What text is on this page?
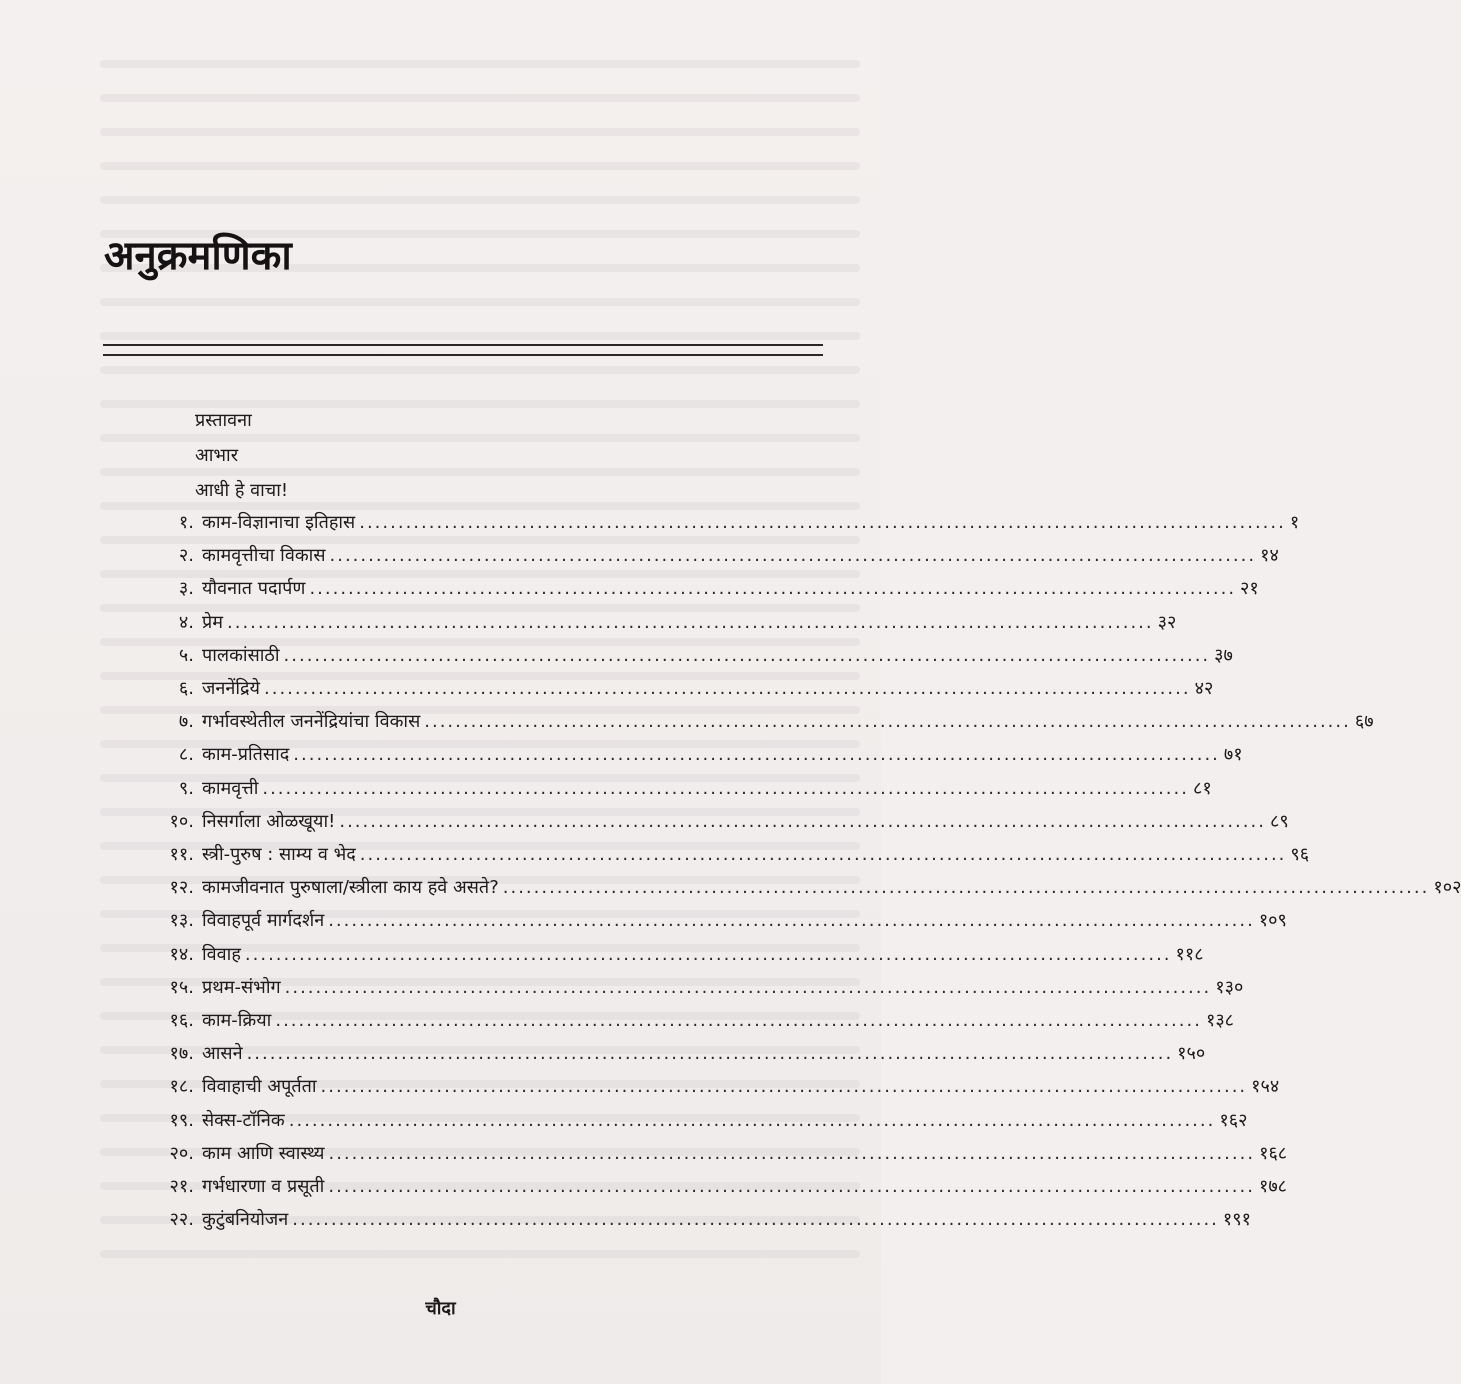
अनुक्रमणिका
प्रस्तावना
आभार
आधी हे वाचा!
१. काम-विज्ञानाचा इतिहास ........................................................................................................................ १
२. कामवृत्तीचा विकास ........................................................................................................................ १४
३. यौवनात पदार्पण ........................................................................................................................ २१
४. प्रेम ........................................................................................................................ ३२
५. पालकांसाठी ........................................................................................................................ ३७
६. जननेंद्रिये ........................................................................................................................ ४२
७. गर्भावस्थेतील जननेंद्रियांचा विकास ........................................................................................................................ ६७
८. काम-प्रतिसाद ........................................................................................................................ ७१
९. कामवृत्ती ........................................................................................................................ ८१
१०. निसर्गाला ओळखूया! ........................................................................................................................ ८९
११. स्त्री-पुरुष : साम्य व भेद ........................................................................................................................ ९६
१२. कामजीवनात पुरुषाला/स्त्रीला काय हवे असते? ........................................................................................................................ १०२
१३. विवाहपूर्व मार्गदर्शन ........................................................................................................................ १०९
१४. विवाह ........................................................................................................................ ११८
१५. प्रथम-संभोग ........................................................................................................................ १३०
१६. काम-क्रिया ........................................................................................................................ १३८
१७. आसने ........................................................................................................................ १५०
१८. विवाहाची अपूर्तता ........................................................................................................................ १५४
१९. सेक्स-टॉनिक ........................................................................................................................ १६२
२०. काम आणि स्वास्थ्य ........................................................................................................................ १६८
२१. गर्भधारणा व प्रसूती ........................................................................................................................ १७८
२२. कुटुंबनियोजन ........................................................................................................................ १९१
चौदा
